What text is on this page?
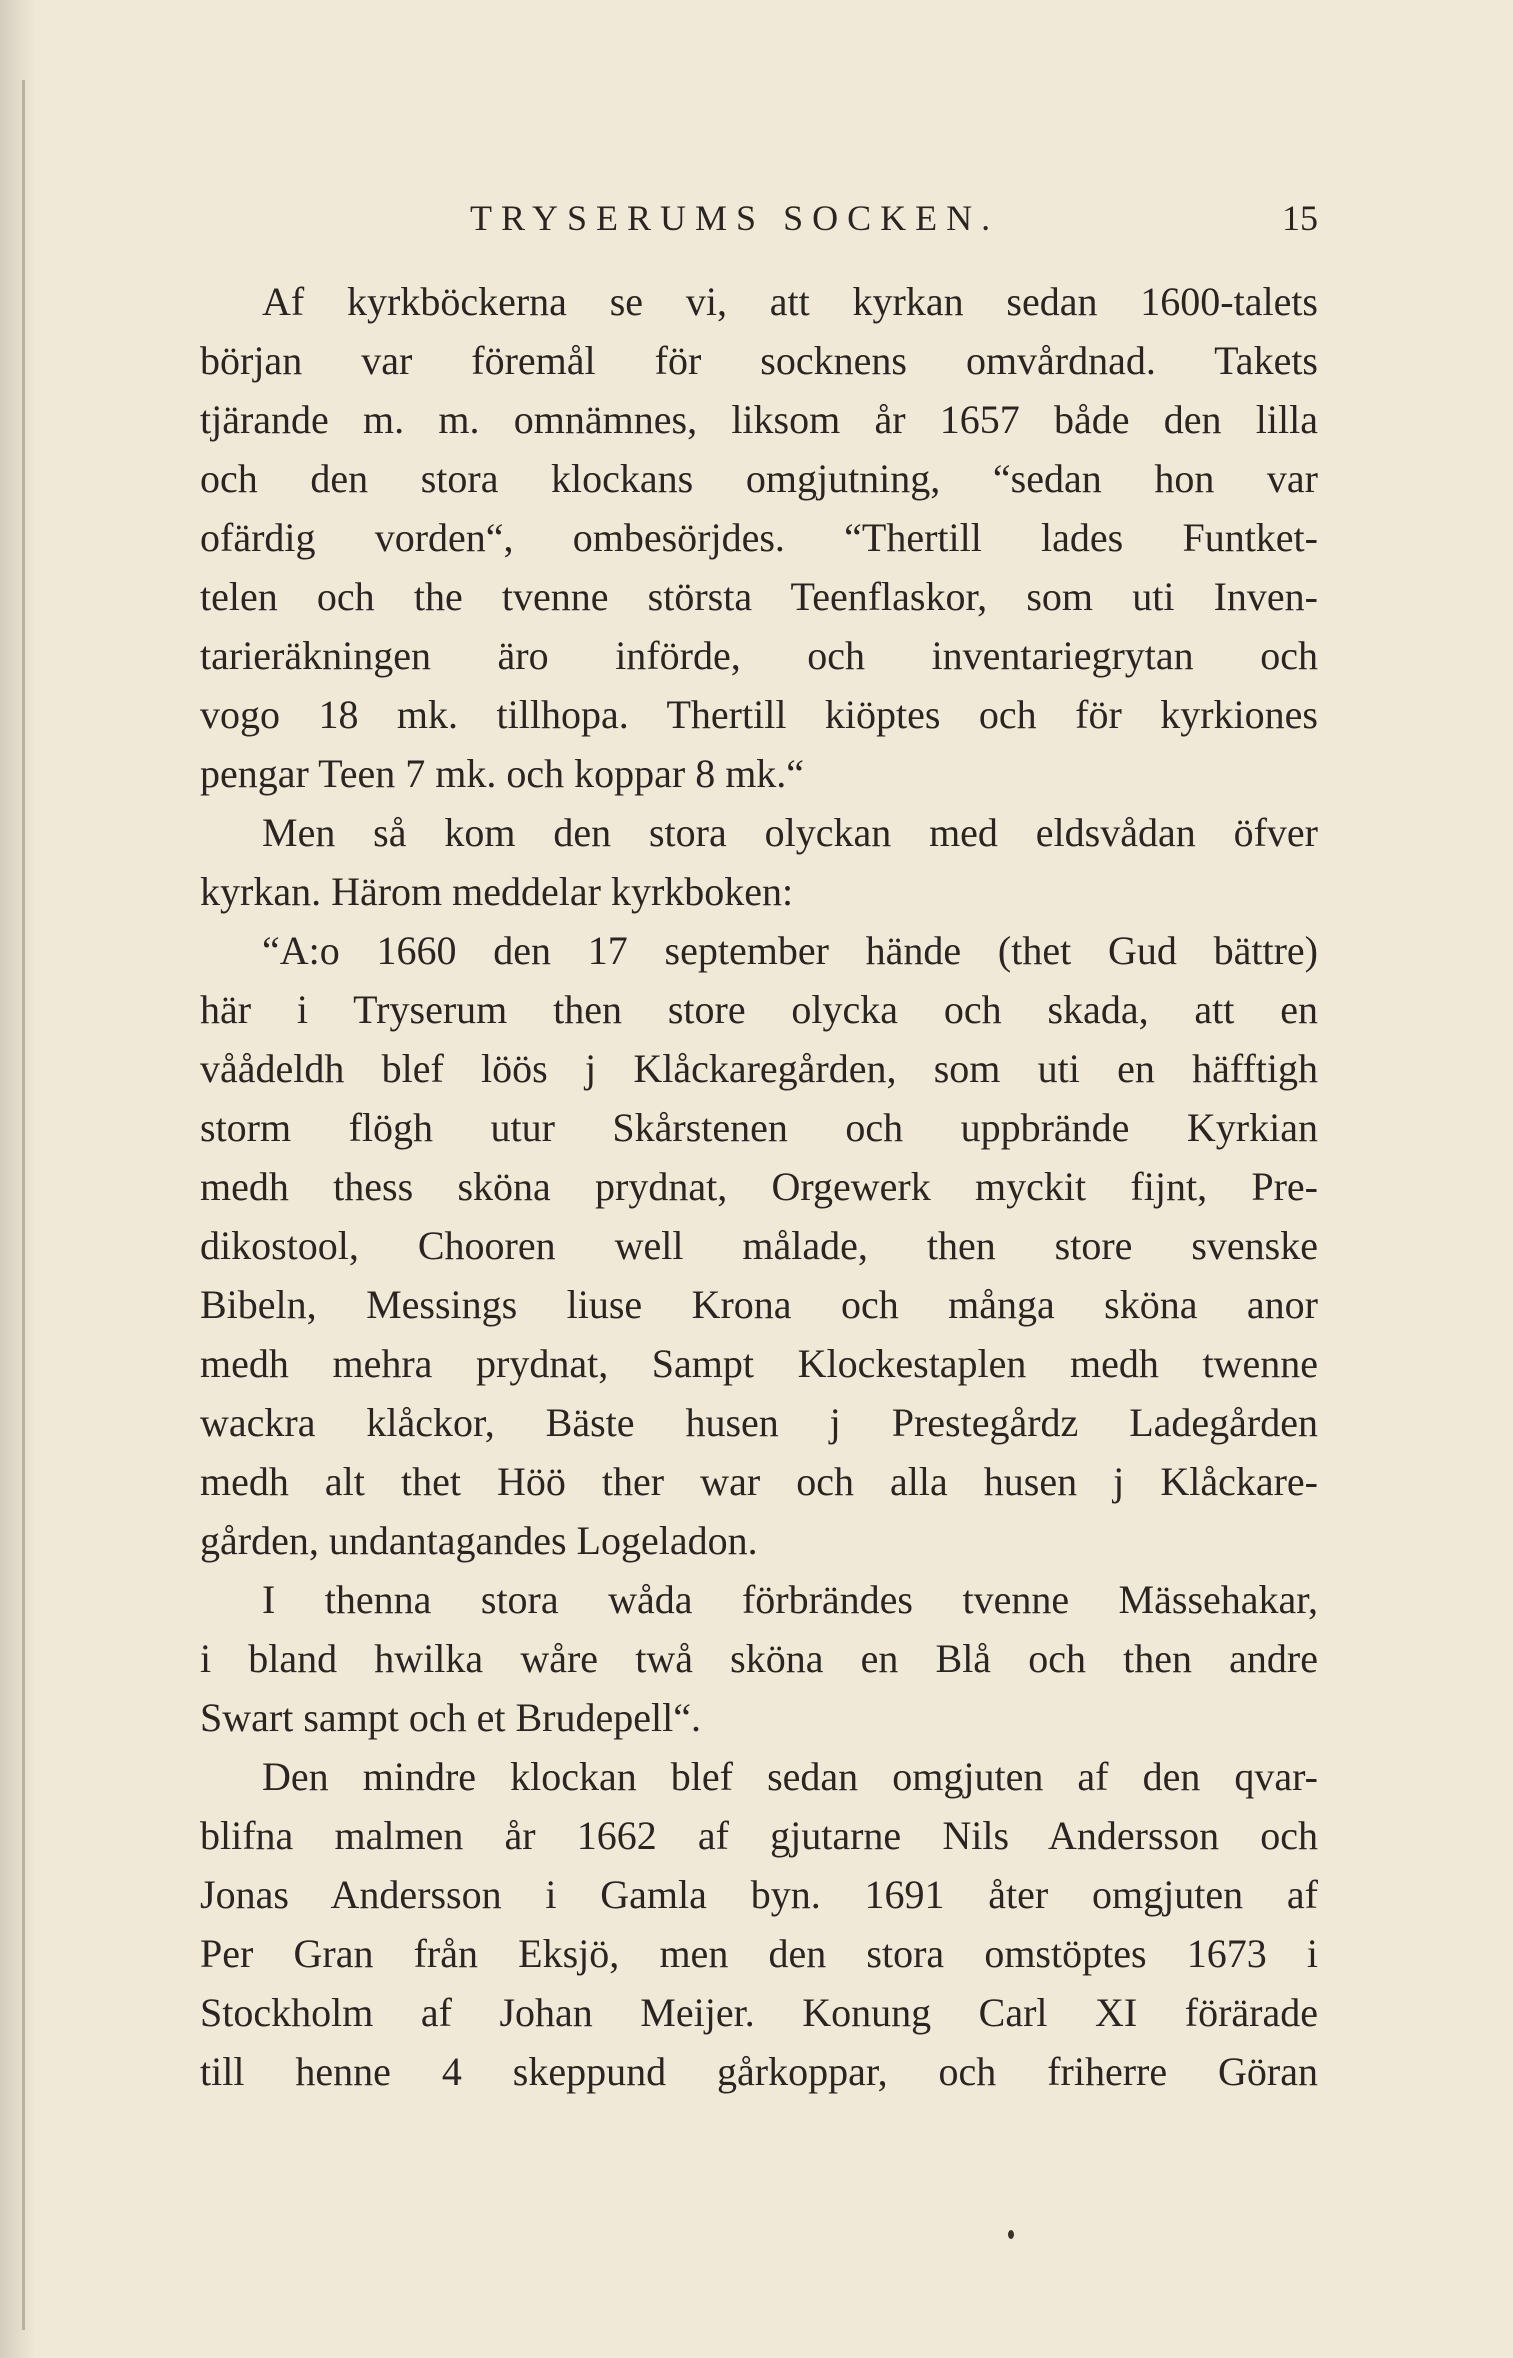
TRYSERUMS SOCKEN.	15
Af kyrkböckerna se vi, att kyrkan sedan 1600-talets
början var föremål för socknens omvårdnad. Takets
tjärande m. m. omnämnes, liksom år 1657 både den lilla
och den stora klockans omgjutning, “sedan hon var
ofärdig vorden“, ombesörjdes. “Thertill lades Funtket-
telen och the tvenne största Teenflaskor, som uti Inven-
tarieräkningen äro införde, och inventariegrytan och
vogo 18 mk. tillhopa. Thertill kiöptes och för kyrkiones
pengar Teen 7 mk. och koppar 8 mk.“
Men så kom den stora olyckan med eldsvådan öfver
kyrkan. Härom meddelar kyrkboken:
“A:o 1660 den 17 september hände (thet Gud bättre)
här i Tryserum then store olycka och skada, att en
våådeldh blef löös j Klåckaregården, som uti en häfftigh
storm flögh utur Skårstenen och uppbrände Kyrkian
medh thess sköna prydnat, Orgewerk myckit fijnt, Pre-
dikostool, Chooren well målade, then store svenske
Bibeln, Messings liuse Krona och många sköna anor
medh mehra prydnat, Sampt Klockestaplen medh twenne
wackra klåckor, Bäste husen j Prestegårdz Ladegården
medh alt thet Höö ther war och alla husen j Klåckare-
gården, undantagandes Logeladon.
I thenna stora wåda förbrändes tvenne Mässehakar,
i bland hwilka wåre twå sköna en Blå och then andre
Swart sampt och et Brudepell“.
Den mindre klockan blef sedan omgjuten af den qvar-
blifna malmen år 1662 af gjutarne Nils Andersson och
Jonas Andersson i Gamla byn. 1691 åter omgjuten af
Per Gran från Eksjö, men den stora omstöptes 1673 i
Stockholm af Johan Meijer. Konung Carl XI förärade
till henne 4 skeppund gårkoppar, och friherre Göran
